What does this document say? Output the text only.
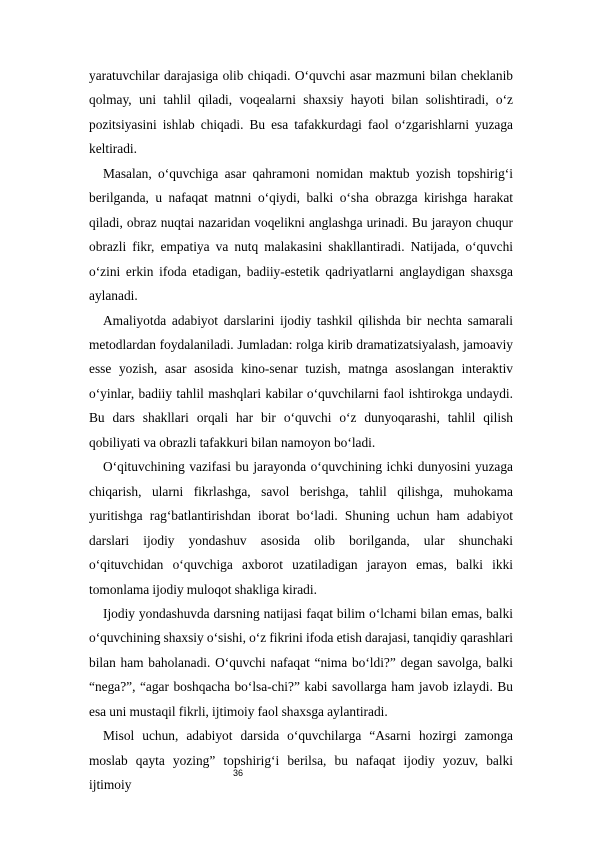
yaratuvchilar darajasiga olib chiqadi. O‘quvchi asar mazmuni bilan cheklanib qolmay, uni tahlil qiladi, voqealarni shaxsiy hayoti bilan solishtiradi, o‘z pozitsiyasini ishlab chiqadi. Bu esa tafakkurdagi faol o‘zgarishlarni yuzaga keltiradi.

Masalan, o‘quvchiga asar qahramoni nomidan maktub yozish topshirig‘i berilganda, u nafaqat matnni o‘qiydi, balki o‘sha obrazga kirishga harakat qiladi, obraz nuqtai nazaridan voqelikni anglashga urinadi. Bu jarayon chuqur obrazli fikr, empatiya va nutq malakasini shakllantiradi. Natijada, o‘quvchi o‘zini erkin ifoda etadigan, badiiy-estetik qadriyatlarni anglaydigan shaxsga aylanadi.

Amaliyotda adabiyot darslarini ijodiy tashkil qilishda bir nechta samarali metodlardan foydalaniladi. Jumladan: rolga kirib dramatizatsiyalash, jamoaviy esse yozish, asar asosida kino-senar tuzish, matnga asoslangan interaktiv o‘yinlar, badiiy tahlil mashqlari kabilar o‘quvchilarni faol ishtirokga undaydi. Bu dars shakllari orqali har bir o‘quvchi o‘z dunyoqarashi, tahlil qilish qobiliyati va obrazli tafakkuri bilan namoyon bo‘ladi.

O‘qituvchining vazifasi bu jarayonda o‘quvchining ichki dunyosini yuzaga chiqarish, ularni fikrlashga, savol berishga, tahlil qilishga, muhokama yuritishga rag‘batlantirishdan iborat bo‘ladi. Shuning uchun ham adabiyot darslari ijodiy yondashuv asosida olib borilganda, ular shunchaki o‘qituvchidan o‘quvchiga axborot uzatiladigan jarayon emas, balki ikki tomonlama ijodiy muloqot shakliga kiradi.

Ijodiy yondashuvda darsning natijasi faqat bilim o‘lchami bilan emas, balki o‘quvchining shaxsiy o‘sishi, o‘z fikrini ifoda etish darajasi, tanqidiy qarashlari bilan ham baholanadi. O‘quvchi nafaqat “nima bo‘ldi?” degan savolga, balki “nega?”, “agar boshqacha bo‘lsa-chi?” kabi savollarga ham javob izlaydi. Bu esa uni mustaqil fikrli, ijtimoiy faol shaxsga aylantiradi.

Misol uchun, adabiyot darsida o‘quvchilarga “Asarni hozirgi zamonga moslab qayta yozing” topshirig‘i berilsa, bu nafaqat ijodiy yozuv, balki ijtimoiy

36
